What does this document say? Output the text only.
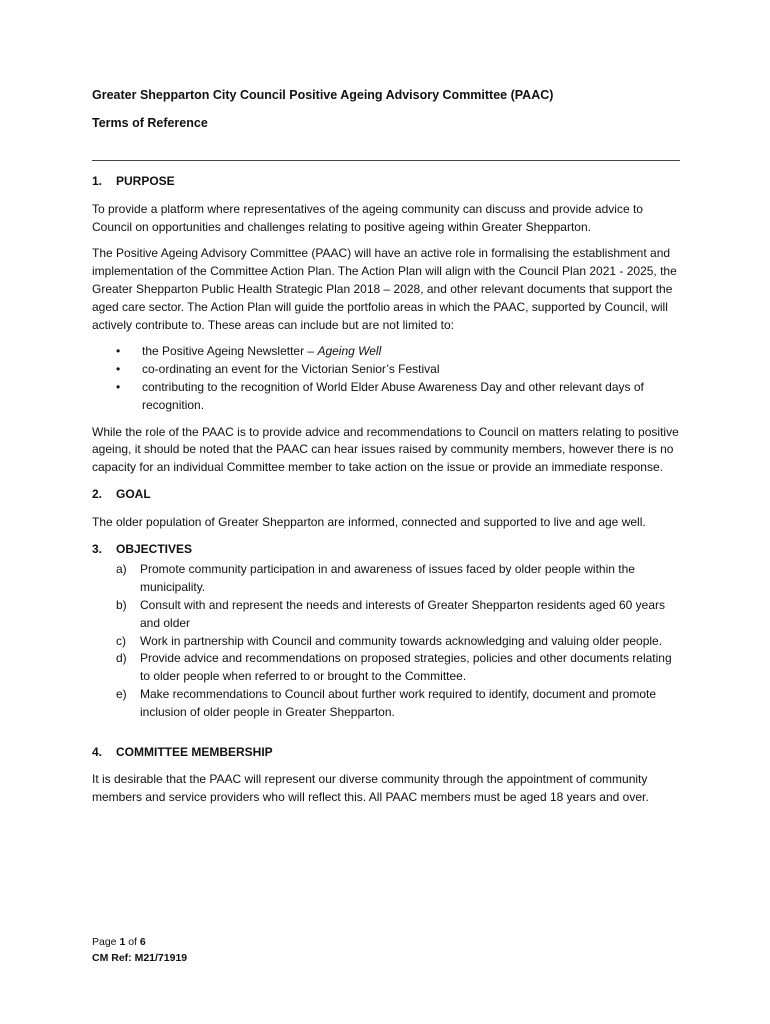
Greater Shepparton City Council Positive Ageing Advisory Committee (PAAC)
Terms of Reference
1. PURPOSE

To provide a platform where representatives of the ageing community can discuss and provide advice to Council on opportunities and challenges relating to positive ageing within Greater Shepparton.

The Positive Ageing Advisory Committee (PAAC) will have an active role in formalising the establishment and implementation of the Committee Action Plan. The Action Plan will align with the Council Plan 2021 - 2025, the Greater Shepparton Public Health Strategic Plan 2018 – 2028, and other relevant documents that support the aged care sector. The Action Plan will guide the portfolio areas in which the PAAC, supported by Council, will actively contribute to. These areas can include but are not limited to:

• the Positive Ageing Newsletter – Ageing Well
• co-ordinating an event for the Victorian Senior’s Festival
• contributing to the recognition of World Elder Abuse Awareness Day and other relevant days of recognition.

While the role of the PAAC is to provide advice and recommendations to Council on matters relating to positive ageing, it should be noted that the PAAC can hear issues raised by community members, however there is no capacity for an individual Committee member to take action on the issue or provide an immediate response.

2. GOAL

The older population of Greater Shepparton are informed, connected and supported to live and age well.

3. OBJECTIVES
a) Promote community participation in and awareness of issues faced by older people within the municipality.
b) Consult with and represent the needs and interests of Greater Shepparton residents aged 60 years and older
c) Work in partnership with Council and community towards acknowledging and valuing older people.
d) Provide advice and recommendations on proposed strategies, policies and other documents relating to older people when referred to or brought to the Committee.
e) Make recommendations to Council about further work required to identify, document and promote inclusion of older people in Greater Shepparton.
4. COMMITTEE MEMBERSHIP

It is desirable that the PAAC will represent our diverse community through the appointment of community members and service providers who will reflect this. All PAAC members must be aged 18 years and over.

Page 1 of 6
CM Ref: M21/71919
